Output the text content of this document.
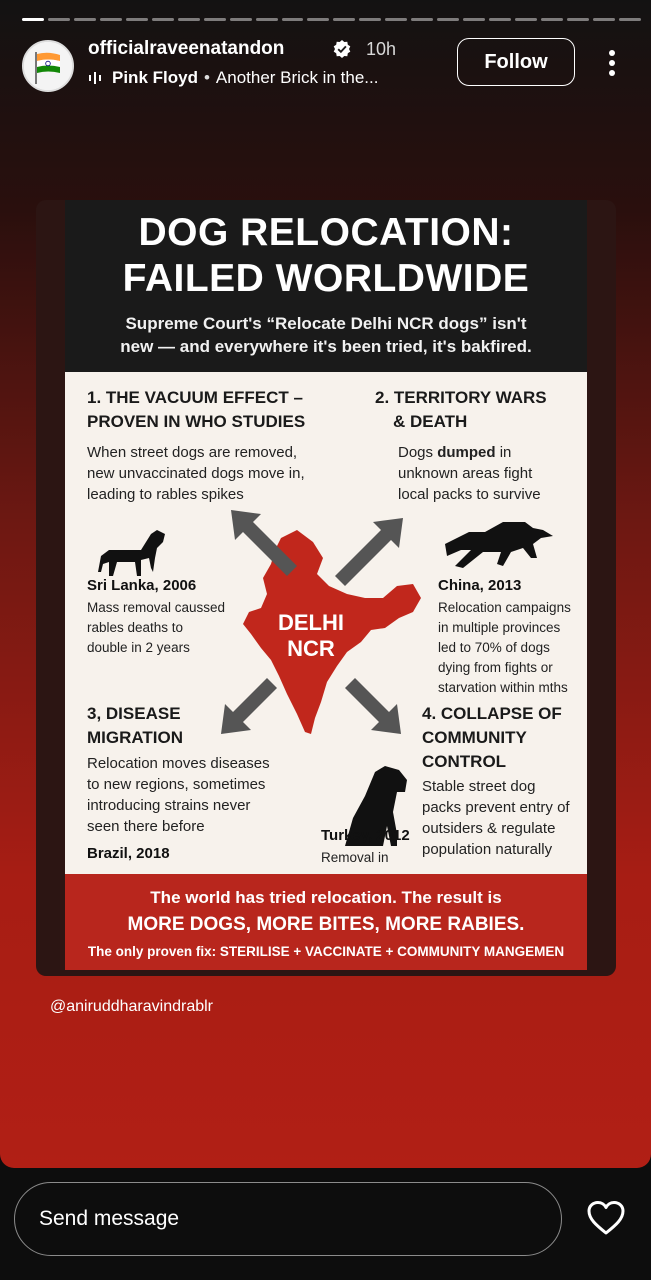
officialraveenatandon	10h
Pink Floyd • Another Brick in the...
Follow
DOG RELOCATION:
FAILED WORLDWIDE
Supreme Court's “Relocate Delhi NCR dogs” isn't
new — and everywhere it's been tried, it's bakfired.
DELHI
NCR
1. THE VACUUM EFFECT –
PROVEN IN WHO STUDIES
When street dogs are removed,
new unvaccinated dogs move in,
leading to rables spikes
2. TERRITORY WARS
& DEATH
Dogs dumped in
unknown areas fight
local packs to survive
Sri Lanka, 2006
Mass removal caussed
rables deaths to
double in 2 years
China, 2013
Relocation campaigns
in multiple provinces
led to 70% of dogs
dying from fights or
starvation within mths
3, DISEASE
MIGRATION
Relocation moves diseases
to new regions, sometimes
introducing strains never
seen there before
Brazil, 2018
4. COLLAPSE OF
COMMUNITY
CONTROL
Stable street dog
packs prevent entry of
outsiders & regulate
population naturally
Turkey, 2012
Removal in
The world has tried relocation. The result is
MORE DOGS, MORE BITES, MORE RABIES.
The only proven fix: STERILISE + VACCINATE + COMMUNITY MANGEMEN
@aniruddharavindrablr
Send message
